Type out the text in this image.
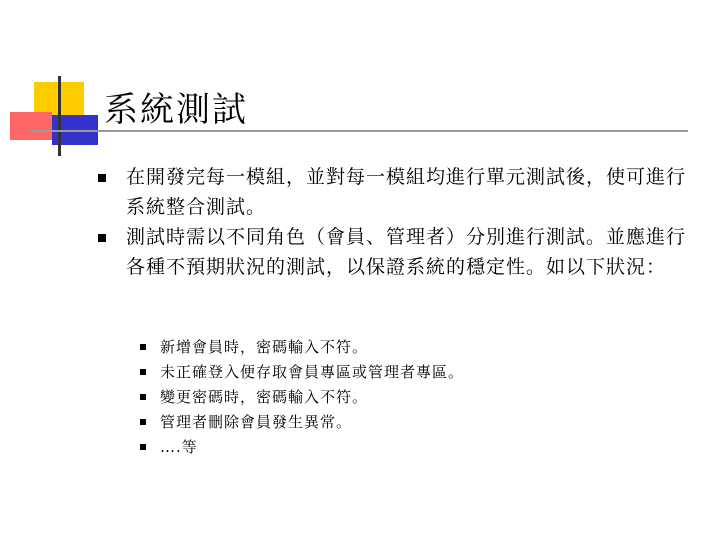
系統測試
在開發完每一模組，並對每一模組均進行單元測試後，使可進行系統整合測試。
測試時需以不同角色（會員、管理者）分別進行測試。並應進行各種不預期狀況的測試，以保證系統的穩定性。如以下狀況：
新增會員時，密碼輸入不符。
未正確登入便存取會員專區或管理者專區。
變更密碼時，密碼輸入不符。
管理者刪除會員發生異常。
….等
